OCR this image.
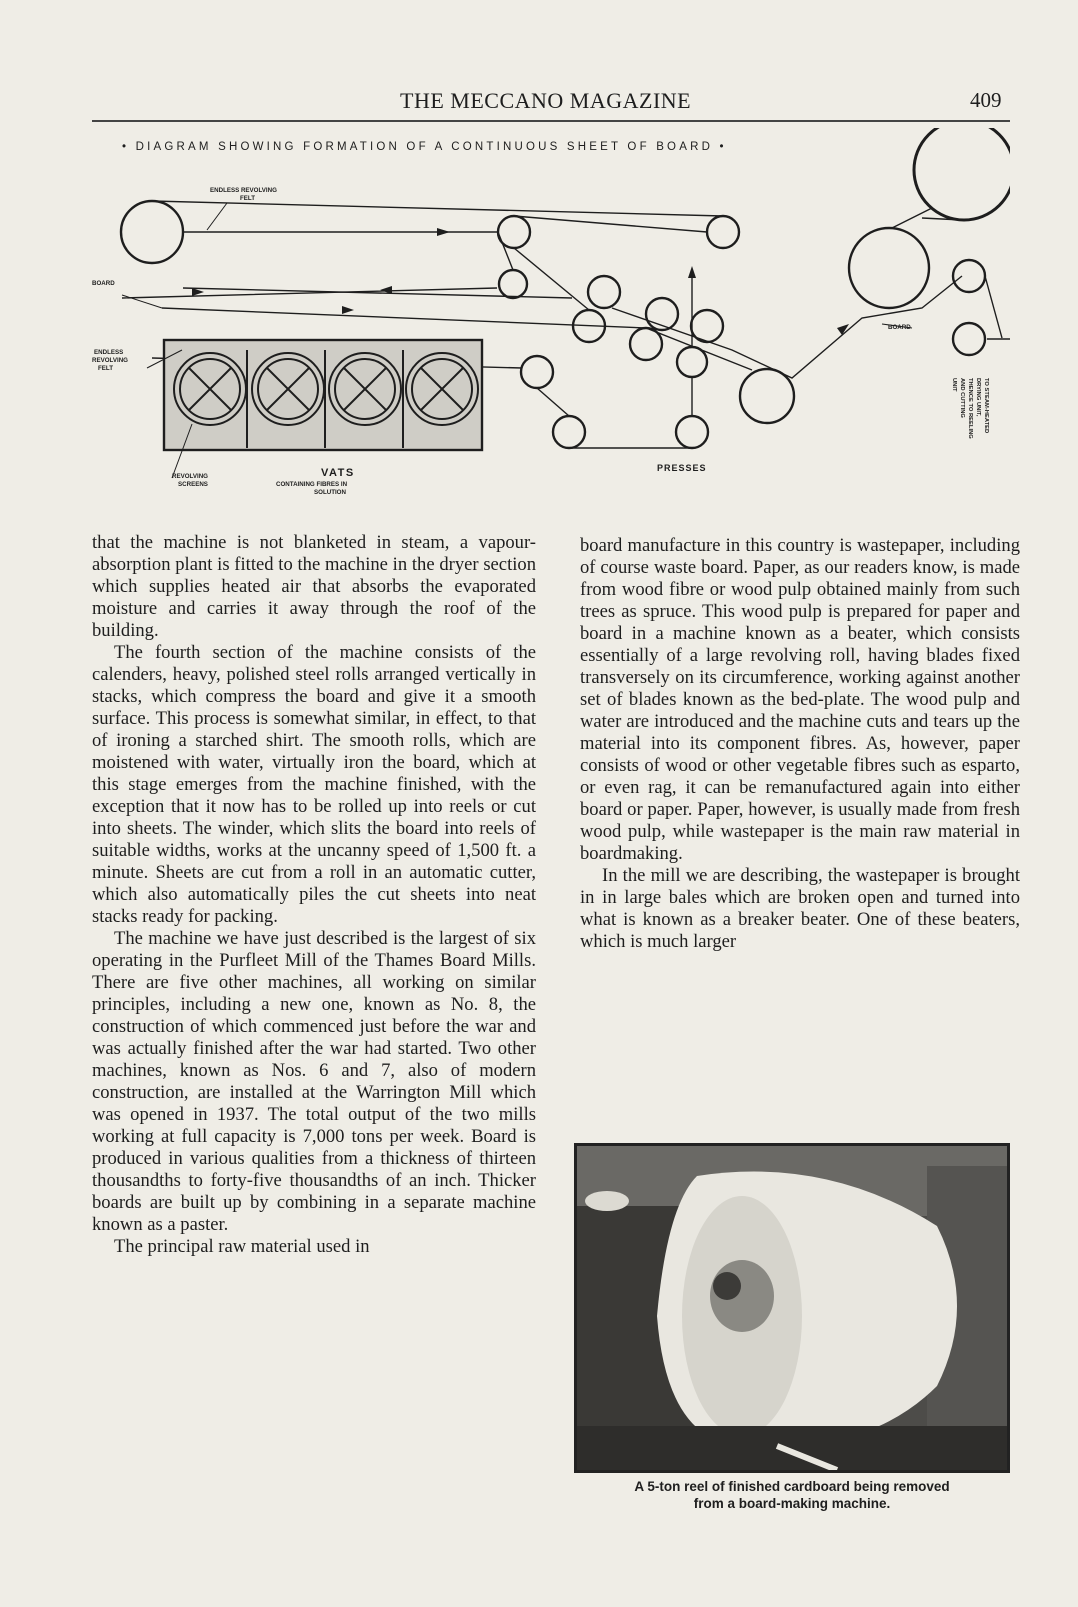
THE MECCANO MAGAZINE	409
• DIAGRAM SHOWING FORMATION OF A CONTINUOUS SHEET OF BOARD •
ENDLESS REVOLVING
FELT
BOARD
ENDLESS
REVOLVING
FELT
REVOLVING
SCREENS	CONTAINING FIBRES IN
SOLUTION
BOARD
VATS	PRESSES
TO STEAM-HEATED
DRYING UNIT,
THENCE TO REELING
AND CUTTING
UNIT

that the machine is not blanketed in steam, a vapour-absorption plant is fitted to the machine in the dryer section which supplies heated air that absorbs the evaporated moisture and carries it away through the roof of the building.

The fourth section of the machine consists of the calenders, heavy, polished steel rolls arranged vertically in stacks, which compress the board and give it a smooth surface. This process is somewhat similar, in effect, to that of ironing a starched shirt. The smooth rolls, which are moistened with water, virtually iron the board, which at this stage emerges from the machine finished, with the exception that it now has to be rolled up into reels or cut into sheets. The winder, which slits the board into reels of suitable widths, works at the uncanny speed of 1,500 ft. a minute. Sheets are cut from a roll in an automatic cutter, which also automatically piles the cut sheets into neat stacks ready for packing.

The machine we have just described is the largest of six operating in the Purfleet Mill of the Thames Board Mills. There are five other machines, all working on similar principles, including a new one, known as No. 8, the construction of which commenced just before the war and was actually finished after the war had started. Two other machines, known as Nos. 6 and 7, also of modern construction, are installed at the Warrington Mill which was opened in 1937. The total output of the two mills working at full capacity is 7,000 tons per week. Board is produced in various qualities from a thickness of thirteen thousandths to forty-five thousandths of an inch. Thicker boards are built up by combining in a separate machine known as a paster.

The principal raw material used in

board manufacture in this country is wastepaper, including of course waste board. Paper, as our readers know, is made from wood fibre or wood pulp obtained mainly from such trees as spruce. This wood pulp is prepared for paper and board in a machine known as a beater, which consists essentially of a large revolving roll, having blades fixed transversely on its circumference, working against another set of blades known as the bed-plate. The wood pulp and water are introduced and the machine cuts and tears up the material into its component fibres. As, however, paper consists of wood or other vegetable fibres such as esparto, or even rag, it can be remanufactured again into either board or paper. Paper, however, is usually made from fresh wood pulp, while wastepaper is the main raw material in boardmaking.

In the mill we are describing, the wastepaper is brought in in large bales which are broken open and turned into what is known as a breaker beater. One of these beaters, which is much larger

A 5-ton reel of finished cardboard being removed
from a board-making machine.
